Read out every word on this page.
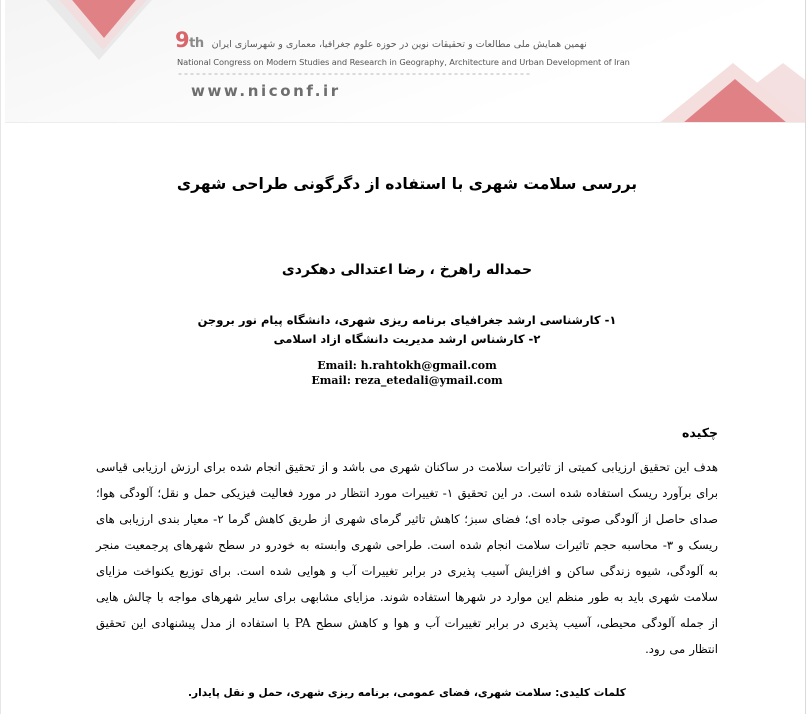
9th نهمین همایش ملی مطالعات و تحقیقات نوین در حوزه علوم جغرافیا، معماری و شهرسازی ایران
National Congress on Modern Studies and Research in Geography, Architecture and Urban Development of Iran
www.niconf.ir
بررسی سلامت شهری با استفاده از دگرگونی طراحی شهری
حمداله راهرخ ، رضا اعتدالی دهکردی
۱- کارشناسی ارشد جغرافیای برنامه ریزی شهری، دانشگاه پیام نور بروجن
۲- کارشناس ارشد مدیریت دانشگاه ازاد اسلامی
Email: h.rahtokh@gmail.com
Email: reza_etedali@ymail.com
چکیده
هدف این تحقیق ارزیابی کمیتی از تاثیرات سلامت در ساکنان شهری می باشد و از تحقیق انجام شده برای ارزش ارزیابی قیاسی برای برآورد ریسک استفاده شده است. در این تحقیق ۱- تغییرات مورد انتظار در مورد فعالیت فیزیکی حمل و نقل؛ آلودگی هوا؛ صدای حاصل از آلودگی صوتی جاده ای؛ فضای سبز؛ کاهش تاثیر گرمای شهری از طریق کاهش گرما ۲- معیار بندی ارزیابی های ریسک و ۳- محاسبه حجم تاثیرات سلامت انجام شده است. طراحی شهری وابسته به خودرو در سطح شهرهای پرجمعیت منجر به آلودگی، شیوه زندگی ساکن و افزایش آسیب پذیری در برابر تغییرات آب و هوایی شده است. برای توزیع یکنواخت مزایای سلامت شهری باید به طور منظم این موارد در شهرها استفاده شوند. مزایای مشابهی برای سایر شهرهای مواجه با چالش هایی از جمله آلودگی محیطی، آسیب پذیری در برابر تغییرات آب و هوا و کاهش سطح PA با استفاده از مدل پیشنهادی این تحقیق انتظار می رود.
کلمات کلیدی: سلامت شهری، فضای عمومی، برنامه ریزی شهری، حمل و نقل پایدار.
